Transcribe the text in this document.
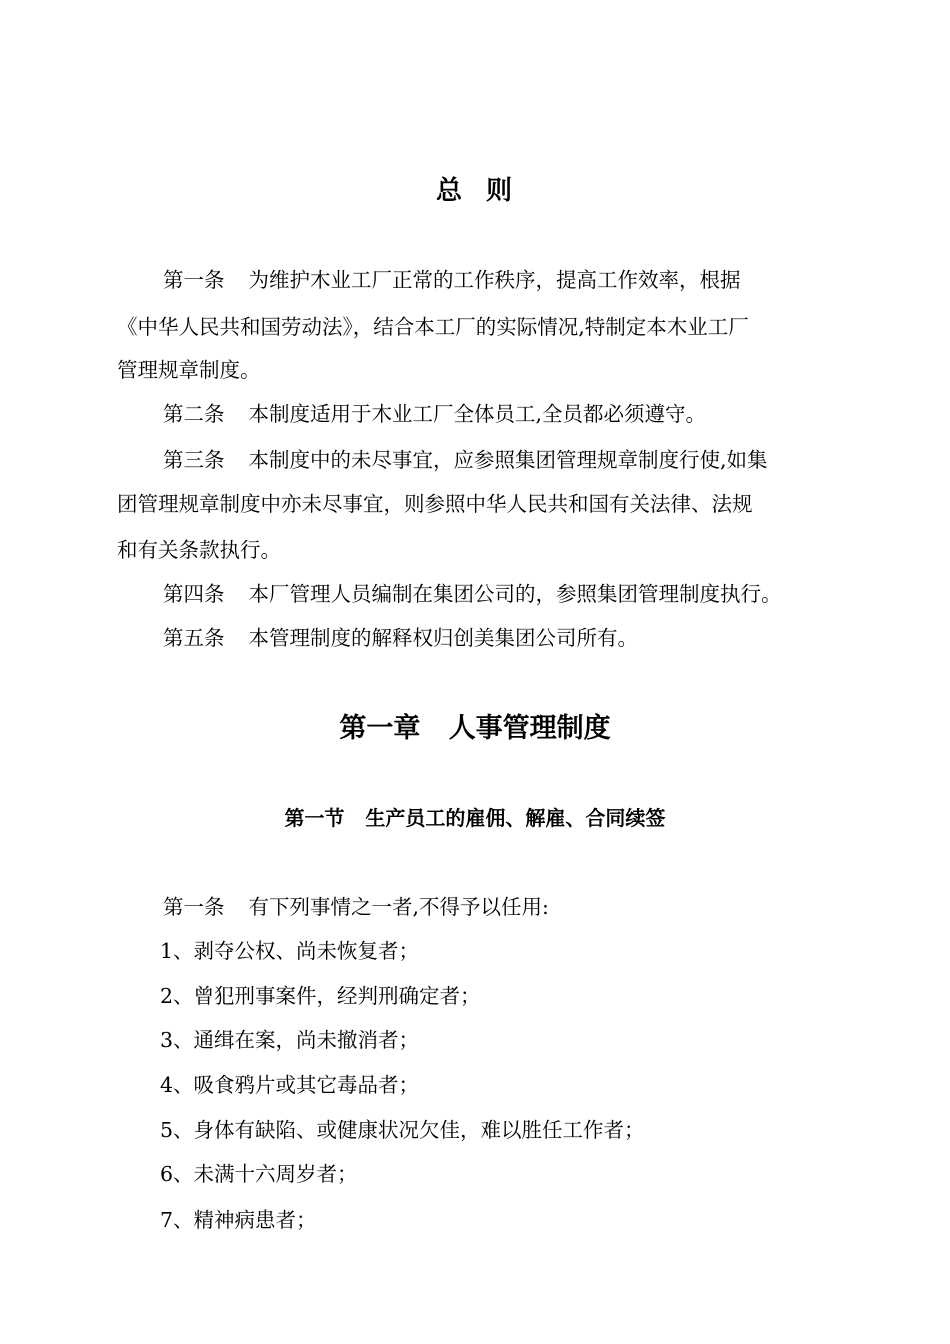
总  则

第一条 为维护木业工厂正常的工作秩序，提高工作效率，根据

《中华人民共和国劳动法》，结合本工厂的实际情况,特制定本木业工厂

管理规章制度。

第二条 本制度适用于木业工厂全体员工,全员都必须遵守。

第三条 本制度中的未尽事宜，应参照集团管理规章制度行使,如集

团管理规章制度中亦未尽事宜，则参照中华人民共和国有关法律、法规

和有关条款执行。

第四条 本厂管理人员编制在集团公司的，参照集团管理制度执行。

第五条 本管理制度的解释权归创美集团公司所有。

第一章   人事管理制度
第一节   生产员工的雇佣、解雇、合同续签

第一条 有下列事情之一者,不得予以任用:

1、剥夺公权、尚未恢复者；

2、曾犯刑事案件，经判刑确定者；

3、通缉在案，尚未撤消者；

4、吸食鸦片或其它毒品者；

5、身体有缺陷、或健康状况欠佳，难以胜任工作者；

6、未满十六周岁者；

7、精神病患者；
